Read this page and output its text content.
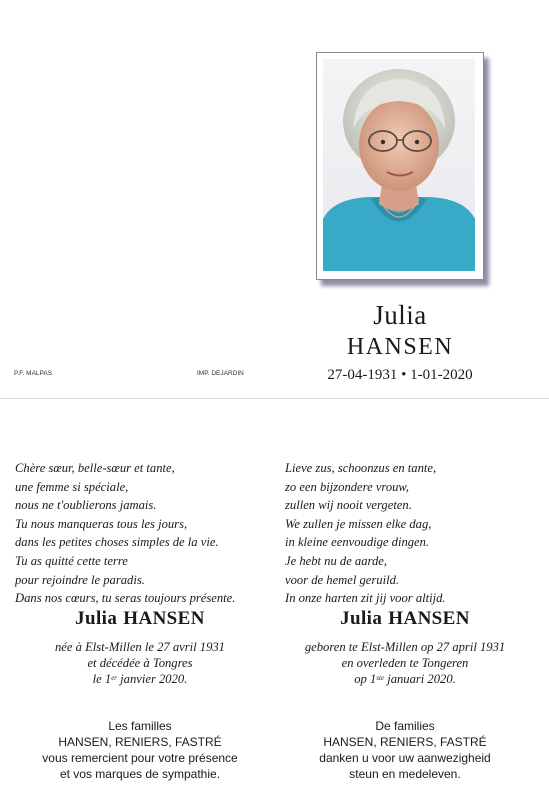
Julia
HANSEN
27-04-1931 • 1-01-2020
P.F. MALPAS	IMP. DEJARDIN
Chère sœur, belle-sœur et tante,
une femme si spéciale,
nous ne t'oublierons jamais.
Tu nous manqueras tous les jours,
dans les petites choses simples de la vie.
Tu as quitté cette terre
pour rejoindre le paradis.
Dans nos cœurs, tu seras toujours présente.
Julia HANSEN
née à Elst-Millen le 27 avril 1931
et décédée à Tongres
le 1er janvier 2020.
Les familles
HANSEN, RENIERS, FASTRÉ
vous remercient pour votre présence
et vos marques de sympathie.
Lieve zus, schoonzus en tante,
zo een bijzondere vrouw,
zullen wij nooit vergeten.
We zullen je missen elke dag,
in kleine eenvoudige dingen.
Je hebt nu de aarde,
voor de hemel geruild.
In onze harten zit jij voor altijd.
Julia HANSEN
geboren te Elst-Millen op 27 april 1931
en overleden te Tongeren
op 1ste januari 2020.
De families
HANSEN, RENIERS, FASTRÉ
danken u voor uw aanwezigheid
steun en medeleven.
